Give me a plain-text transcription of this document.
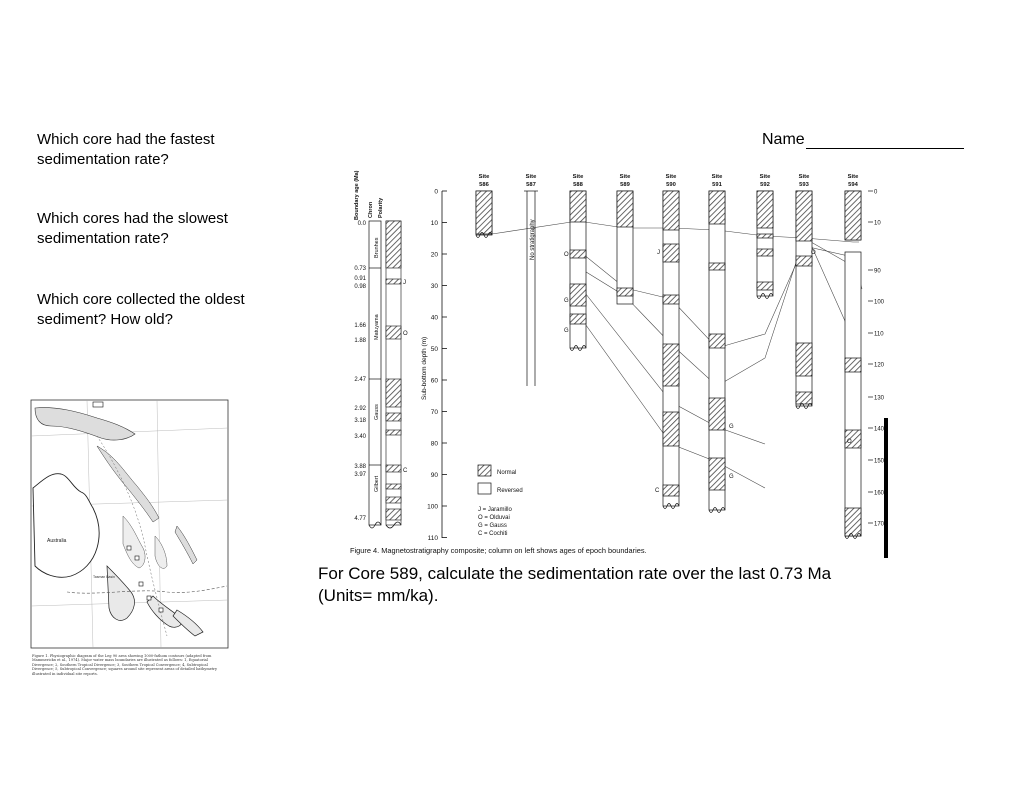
Which core had the fastest
sedimentation rate?

Which cores had the slowest
sedimentation rate?

Which core collected the oldest
sediment? How old?

Name
Australia
Tasman Basin
Figure 1. Physiographic diagram of the Leg 90 area showing 1000-fathom contours (adapted from Mammerickx et al., 1974). Major water mass boundaries are illustrated as follows: 1, Equatorial Divergence; 2, Southern Tropical Divergence; 3, Southern Tropical Convergence; 4, Subtropical Divergence; 5, Subtropical Convergence; squares around site represent areas of detailed bathymetry illustrated in individual site reports.
Boundary age (Ma) Chron Polarity
Brunhes
Matuyama
Gauss
Gilbert
0.0
0.73
0.91
0.98
1.66
1.88
2.47
2.92
3.18
3.40
3.88
3.97
4.77
J
O
C
Sub-bottom depth (m)
0
10
20
30
40
50
60
70
80
90
100
110
Site
586
Site
587
Site
588
Site
589
Site
590
Site
591
Site
592
Site
593
Site
594
No stratigraphy	O
G
G
J
C
G
G
O
O
0
10
90
100
110
120
130
140
150
160
170
Normal
Reversed
J = Jaramillo
O = Olduvai
G = Gauss
C = Cochiti
Figure 4. Magnetostratigraphy composite; column on left shows ages of epoch boundaries.

For Core 589, calculate the sedimentation rate over the last 0.73 Ma
(Units= mm/ka).
